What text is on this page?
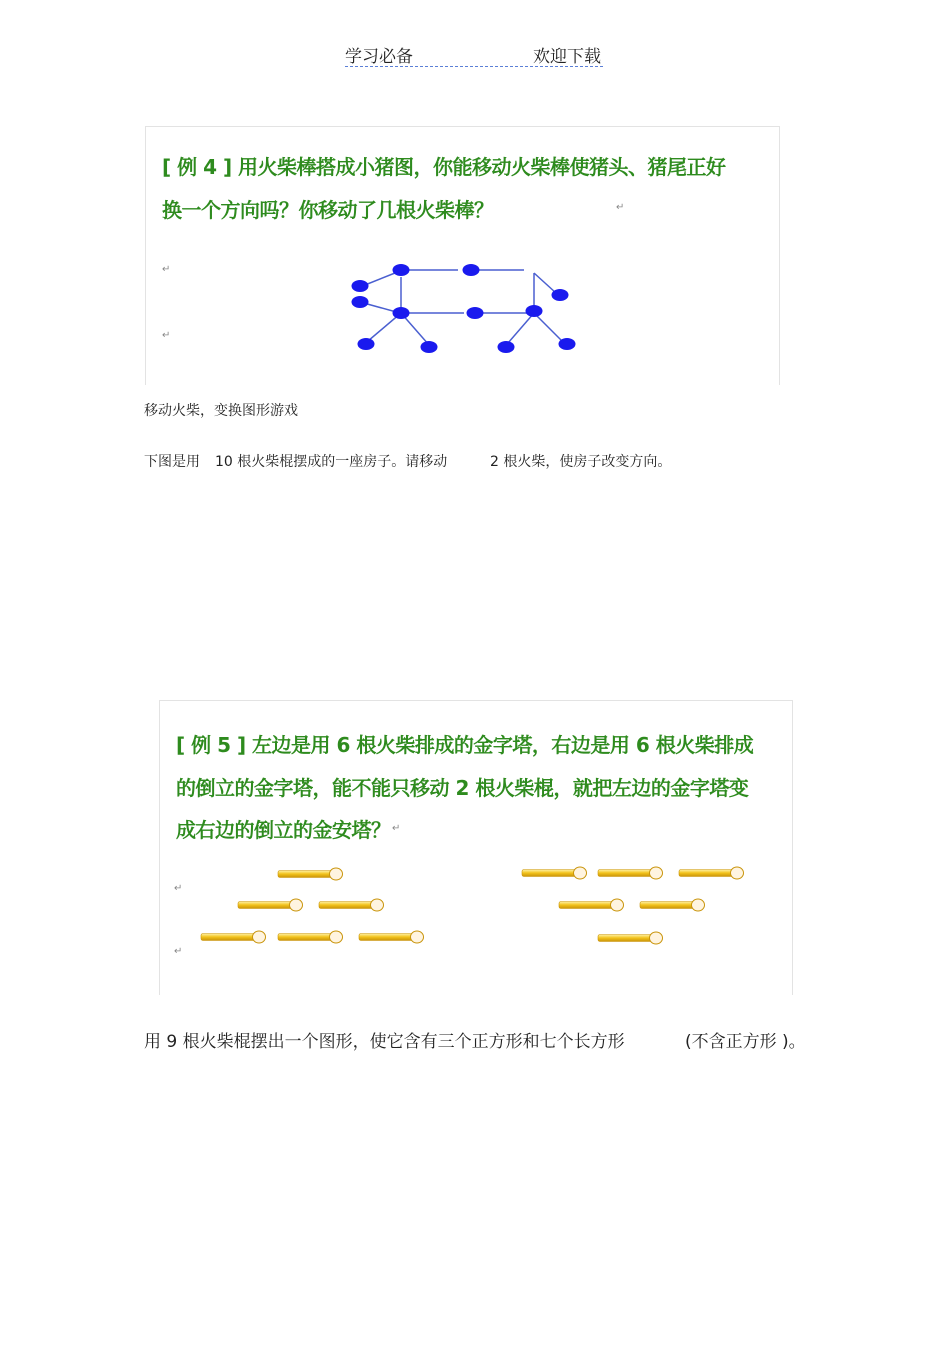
学习必备	欢迎下载
[ 例 4 ] 用火柴棒搭成小猪图，你能移动火柴棒使猪头、猪尾正好
换一个方向吗？你移动了几根火柴棒？	↵
↵
↵
移动火柴，变换图形游戏
下图是用 10 根火柴棍摆成的一座房子。请移动	2 根火柴，使房子改变方向。
[ 例 5 ] 左边是用 6 根火柴排成的金字塔，右边是用 6 根火柴排成
的倒立的金字塔，能不能只移动 2 根火柴棍，就把左边的金字塔变
成右边的倒立的金安塔？ ↵
↵
↵
用 9 根火柴棍摆出一个图形，使它含有三个正方形和七个长方形	(不含正方形 )。
